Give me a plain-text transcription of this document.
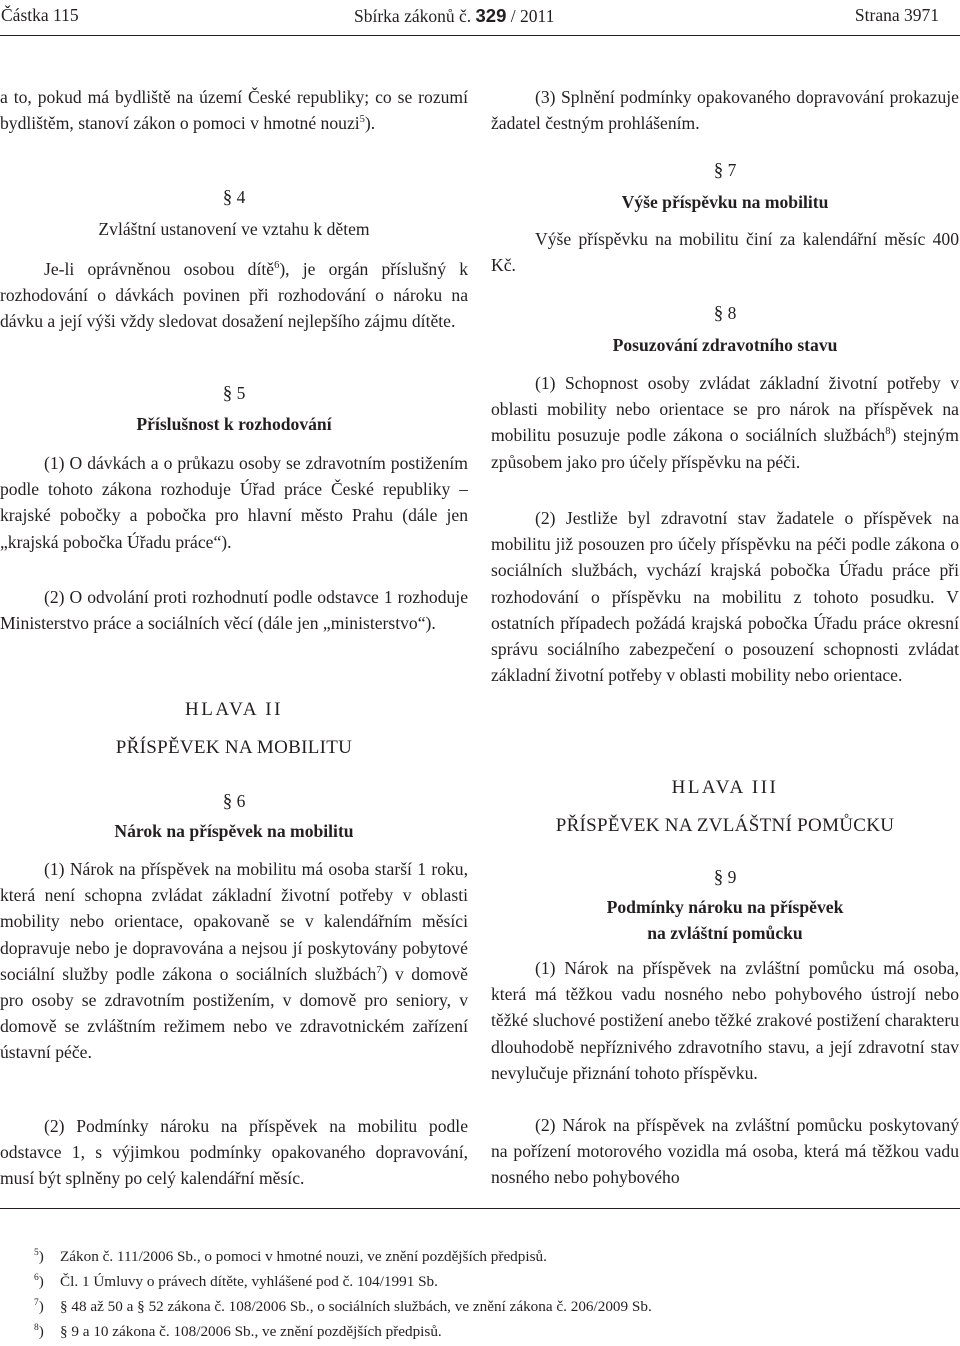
Částka 115	Sbírka zákonů č. 329 / 2011	Strana 3971

a to, pokud má bydliště na území České republiky; co se rozumí bydlištěm, stanoví zákon o pomoci v hmotné nouzi$^5$).

§ 4
Zvláštní ustanovení ve vztahu k dětem

Je-li oprávněnou osobou dítě$^6$), je orgán příslušný k rozhodování o dávkách povinen při rozhodování o nároku na dávku a její výši vždy sledovat dosažení nejlepšího zájmu dítěte.

§ 5
Příslušnost k rozhodování
(1) O dávkách a o průkazu osoby se zdravotním postižením podle tohoto zákona rozhoduje Úřad práce České republiky – krajské pobočky a pobočka pro hlavní město Prahu (dále jen „krajská pobočka Úřadu práce“).
(2) O odvolání proti rozhodnutí podle odstavce 1 rozhoduje Ministerstvo práce a sociálních věcí (dále jen „ministerstvo“).
HLAVA II
PŘÍSPĚVEK NA MOBILITU
§ 6
Nárok na příspěvek na mobilitu

(1) Nárok na příspěvek na mobilitu má osoba starší 1 roku, která není schopna zvládat základní životní potřeby v oblasti mobility nebo orientace, opakovaně se v kalendářním měsíci dopravuje nebo je dopravována a nejsou jí poskytovány pobytové sociální služby podle zákona o sociálních službách$^7$) v domově pro osoby se zdravotním postižením, v domově pro seniory, v domově se zvláštním režimem nebo ve zdravotnickém zařízení ústavní péče.

(2) Podmínky nároku na příspěvek na mobilitu podle odstavce 1, s výjimkou podmínky opakovaného dopravování, musí být splněny po celý kalendářní měsíc.
(3) Splnění podmínky opakovaného dopravování prokazuje žadatel čestným prohlášením.
§ 7
Výše příspěvku na mobilitu
Výše příspěvku na mobilitu činí za kalendářní měsíc 400 Kč.
§ 8
Posuzování zdravotního stavu

(1) Schopnost osoby zvládat základní životní potřeby v oblasti mobility nebo orientace se pro nárok na příspěvek na mobilitu posuzuje podle zákona o sociálních službách$^8$) stejným způsobem jako pro účely příspěvku na péči.

(2) Jestliže byl zdravotní stav žadatele o příspěvek na mobilitu již posouzen pro účely příspěvku na péči podle zákona o sociálních službách, vychází krajská pobočka Úřadu práce při rozhodování o příspěvku na mobilitu z tohoto posudku. V ostatních případech požádá krajská pobočka Úřadu práce okresní správu sociálního zabezpečení o posouzení schopnosti zvládat základní životní potřeby v oblasti mobility nebo orientace.
HLAVA III
PŘÍSPĚVEK NA ZVLÁŠTNÍ POMŮCKU
§ 9
Podmínky nároku na příspěvek
na zvláštní pomůcku
(1) Nárok na příspěvek na zvláštní pomůcku má osoba, která má těžkou vadu nosného nebo pohybového ústrojí nebo těžké sluchové postižení anebo těžké zrakové postižení charakteru dlouhodobě nepříznivého zdravotního stavu, a její zdravotní stav nevylučuje přiznání tohoto příspěvku.
(2) Nárok na příspěvek na zvláštní pomůcku poskytovaný na pořízení motorového vozidla má osoba, která má těžkou vadu nosného nebo pohybového
$^5$) Zákon č. 111/2006 Sb., o pomoci v hmotné nouzi, ve znění pozdějších předpisů.
$^6$) Čl. 1 Úmluvy o právech dítěte, vyhlášené pod č. 104/1991 Sb.
$^7$) § 48 až 50 a § 52 zákona č. 108/2006 Sb., o sociálních službách, ve znění zákona č. 206/2009 Sb.
$^8$) § 9 a 10 zákona č. 108/2006 Sb., ve znění pozdějších předpisů.
